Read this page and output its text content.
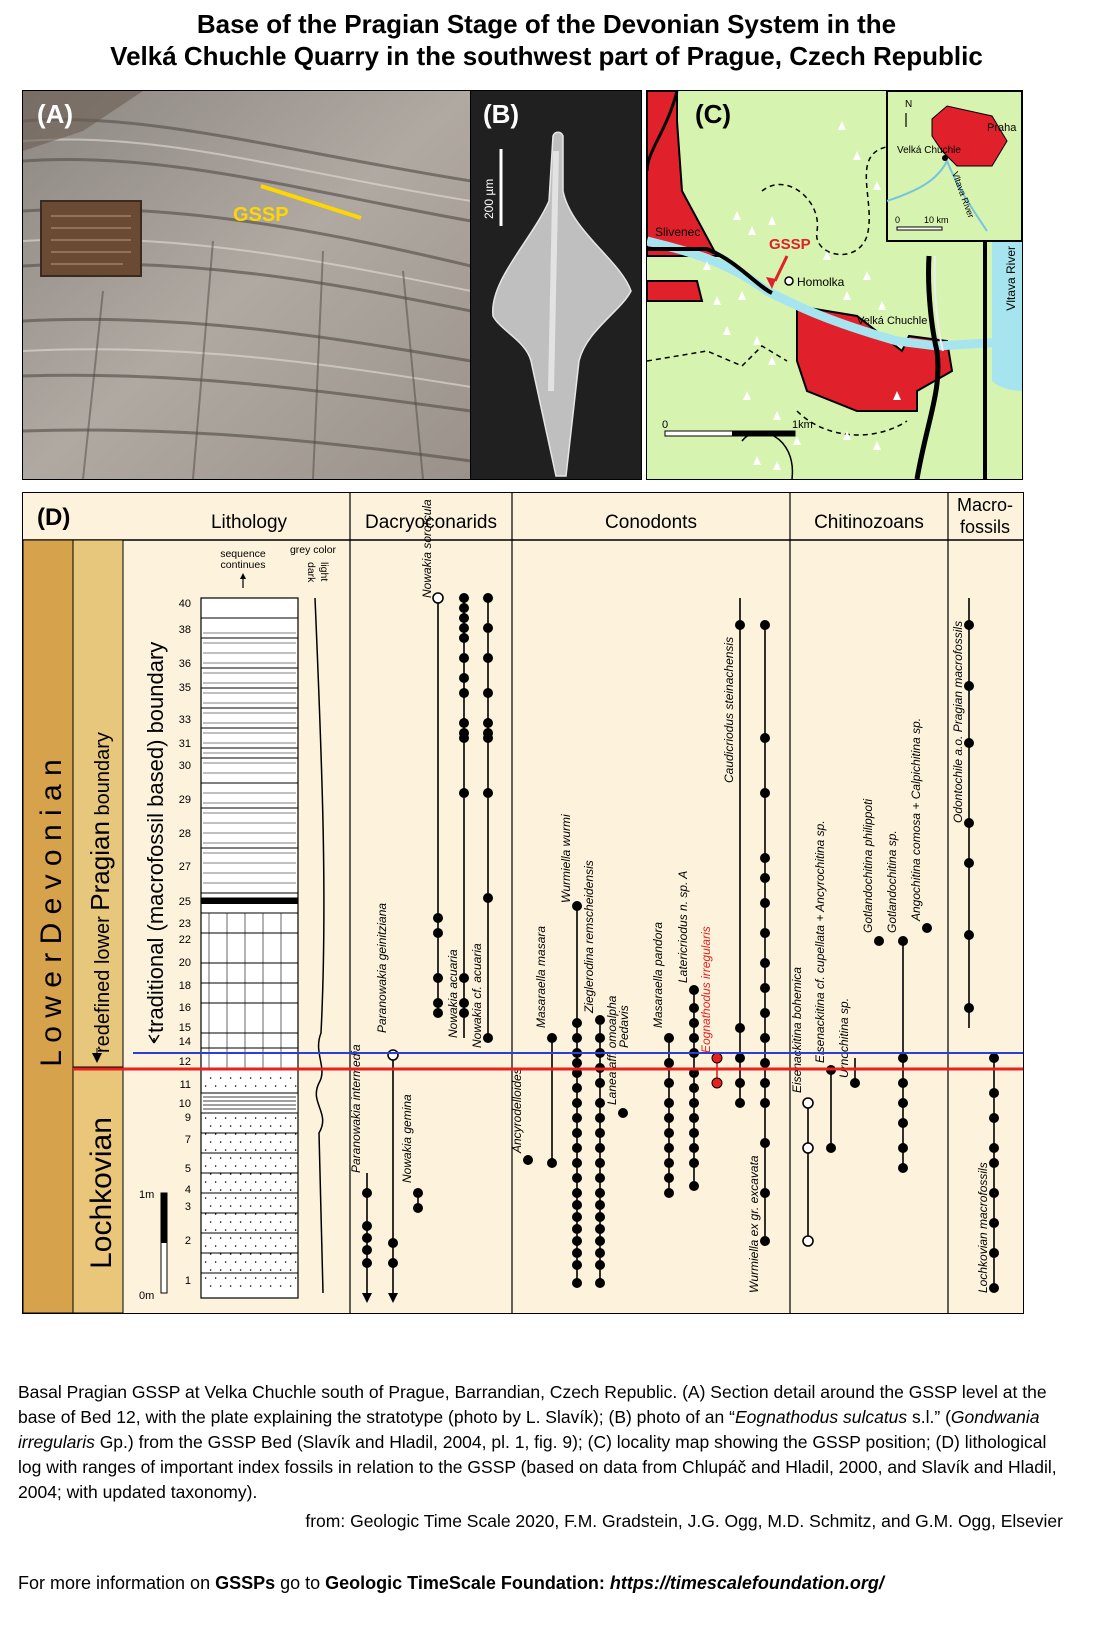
Base of the Pragian Stage of the Devonian System in the
Velká Chuchle Quarry in the southwest part of Prague, Czech Republic
GSSP
(A)
200 µm
(B)
GSSP
Homolka
Slivenec
Velká Chuchle
Vltava River
0	1km
(C)	N
Praha
Velká Chuchle
Vltava River
0	10 km
(D)	Lithology	Dacryoconarids	Conodonts	Chitinozoans
Macro-
fossils
L o w e r D e v o n i a n
Lochkovian
redefined lower Pragian boundary traditional (macrofossil based) boundary
sequence
continues
grey color
dark light
40
38
36
35
33
31
30
29
28
27
25
23
22
20
18
16
15
14
12
11
10
9
7
5
4
3
2
1
1m
0m
Paranowakia intermedia
Paranowakia geinitziana
Nowakia gemina
Nowakia sororcula
Nowakia acuaria Nowakia cf. acuaria
Ancyrodelloides
Masaraella masara
Wurmiella wurmi
Zieglerodina remscheidensis
Lanea aff. omoalpha
Pedavis Masaraella pandora Latericriodus n. sp. A Eognathodus irregularis
Caudicriodus steinachensis
Wurmiella ex gr. excavata
Eisenackitina bohemica Eisenackitina cf. cupellata + Ancyrochitina sp. Urnochitina sp.
Gotlandochitina philippoti Gotlandochitina sp. Angochitina comosa + Calpichitina sp. Odontochile a.o. Pragian macrofossils
Lochkovian macrofossils
Basal Pragian GSSP at Velka Chuchle south of Prague, Barrandian, Czech Republic. (A) Section detail around the GSSP level at the base of Bed 12, with the plate explaining the stratotype (photo by L. Slavík); (B) photo of an “Eognathodus sulcatus s.l.” (Gondwania irregularis Gp.) from the GSSP Bed (Slavík and Hladil, 2004, pl. 1, fig. 9); (C) locality map showing the GSSP position; (D) lithological log with ranges of important index fossils in relation to the GSSP (based on data from Chlupáč and Hladil, 2000, and Slavík and Hladil, 2004; with updated taxonomy).
from: Geologic Time Scale 2020, F.M. Gradstein, J.G. Ogg, M.D. Schmitz, and G.M. Ogg, Elsevier
For more information on GSSPs go to Geologic TimeScale Foundation: https://timescalefoundation.org/
